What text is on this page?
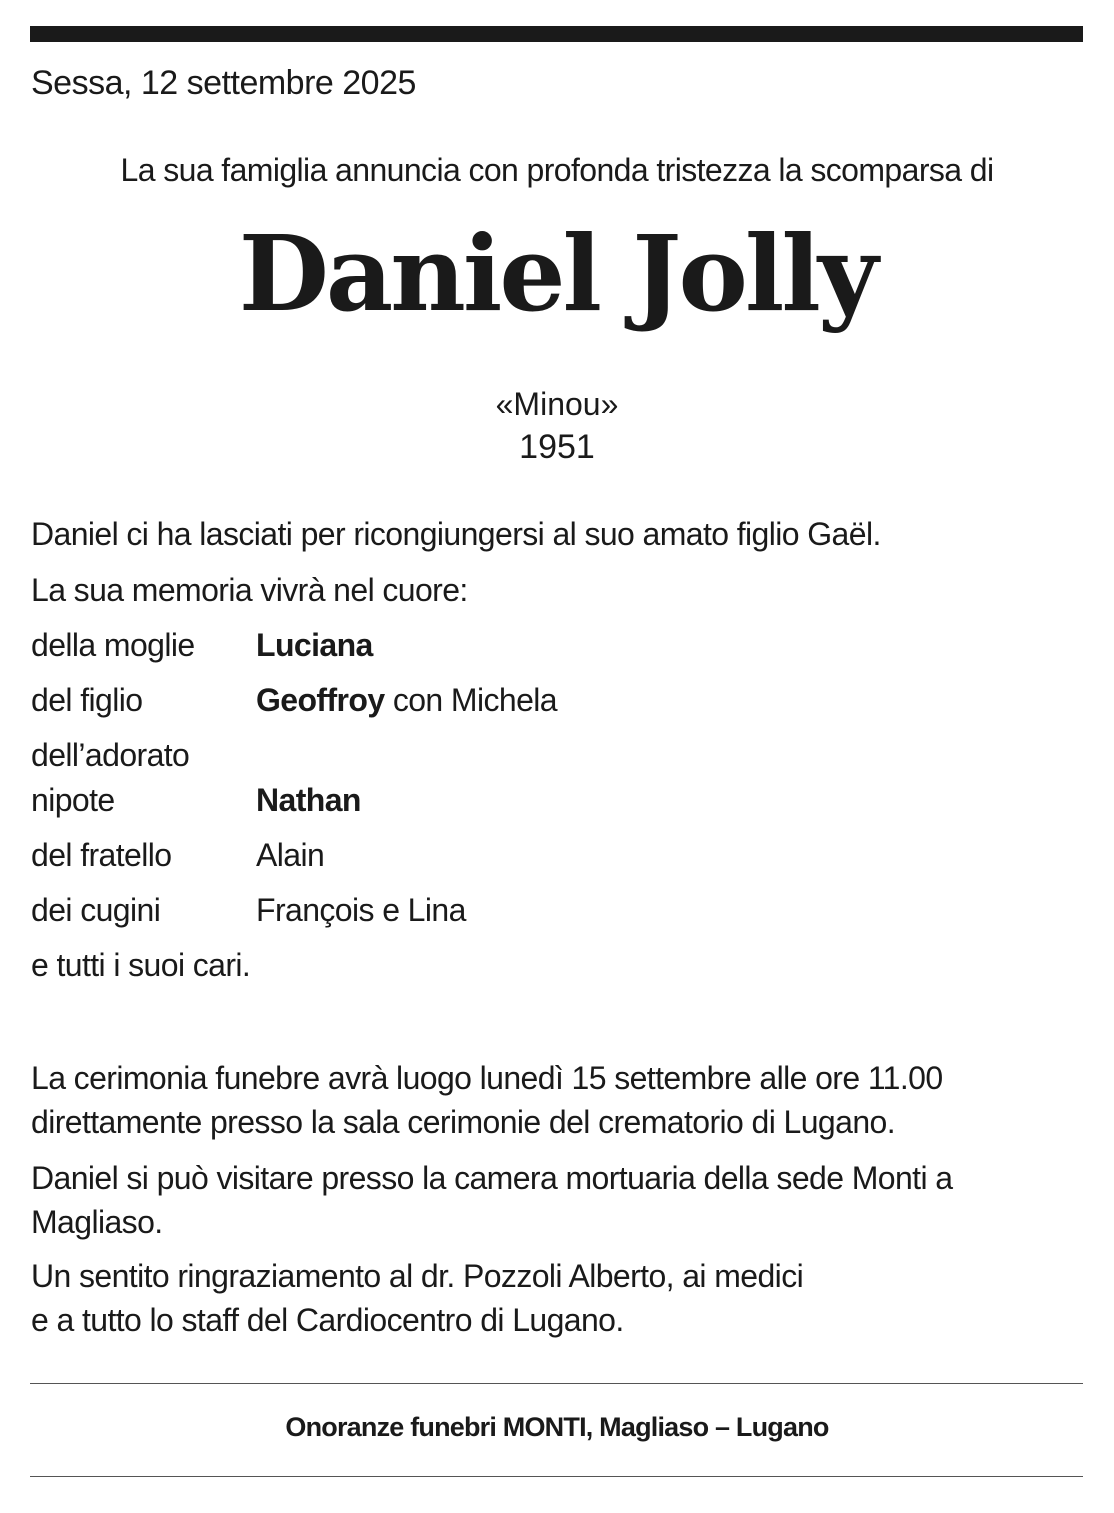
Sessa, 12 settembre 2025
La sua famiglia annuncia con profonda tristezza la scomparsa di
Daniel Jolly
«Minou»
1951
Daniel ci ha lasciati per ricongiungersi al suo amato figlio Gaël.
La sua memoria vivrà nel cuore:
della moglie Luciana
del figlio	Geoffroy con Michela
dell’adorato
nipote	Nathan
del fratello	Alain
dei cugini	François e Lina
e tutti i suoi cari.
La cerimonia funebre avrà luogo lunedì 15 settembre alle ore 11.00 direttamente presso la sala cerimonie del crematorio di Lugano.
Daniel si può visitare presso la camera mortuaria della sede Monti a Magliaso.
Un sentito ringraziamento al dr. Pozzoli Alberto, ai medici
e a tutto lo staff del Cardiocentro di Lugano.
Onoranze funebri MONTI, Magliaso – Lugano
